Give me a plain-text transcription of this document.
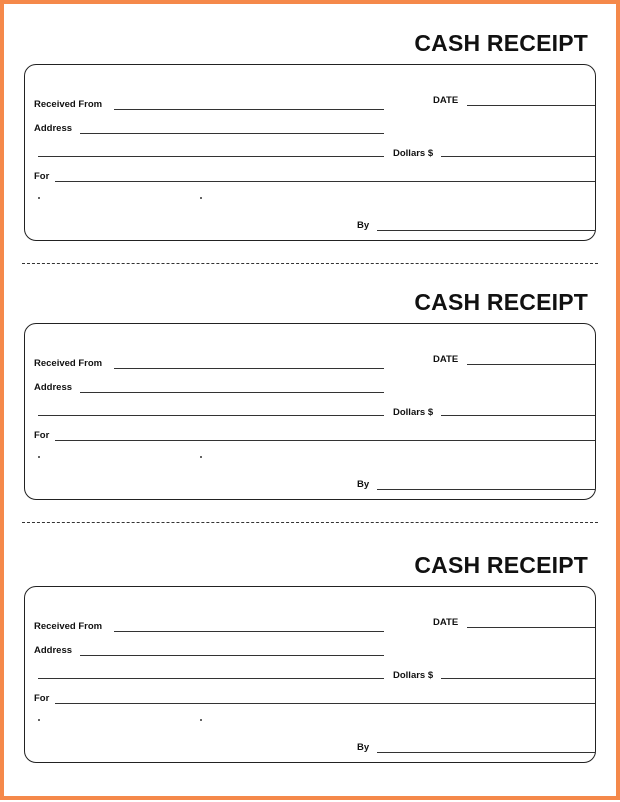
CASH RECEIPT
Received From	DATE
Address
Dollars $
For

By
CASH RECEIPT
Received From	DATE
Address
Dollars $
For

By
CASH RECEIPT
Received From	DATE
Address
Dollars $
For

By
